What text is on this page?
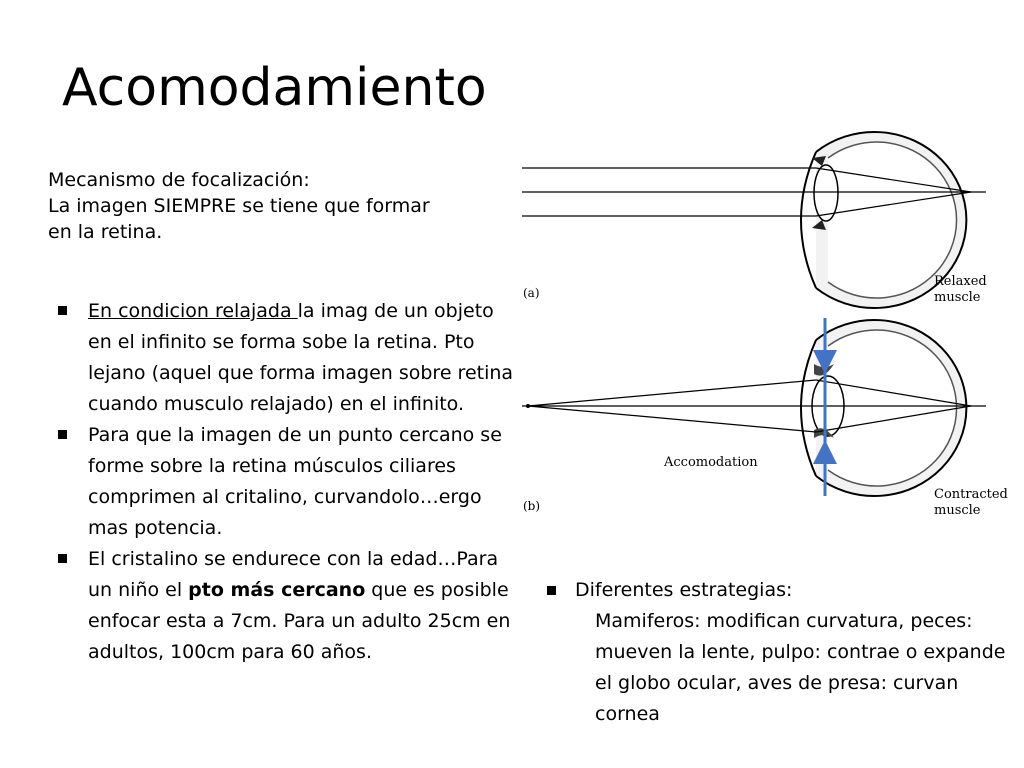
Acomodamiento
Mecanismo de focalización:
La imagen SIEMPRE se tiene que formar
en la retina.
En condicion relajada la imag de un objeto en el infinito se forma sobe la retina. Pto lejano (aquel que forma imagen sobre retina cuando musculo relajado) en el infinito.
Para que la imagen de un punto cercano se forme sobre la retina músculos ciliares comprimen al critalino, curvandolo…ergo mas potencia.
El cristalino se endurece con la edad…Para un niño el pto más cercano que es posible enfocar esta a 7cm. Para un adulto 25cm en adultos, 100cm para 60 años.
Diferentes estrategias:
Mamiferos: modifican curvatura, peces: mueven la lente, pulpo: contrae o expande el globo ocular, aves de presa: curvan cornea
(a)
Relaxed
muscle
(b)
Accomodation
Contracted
muscle
